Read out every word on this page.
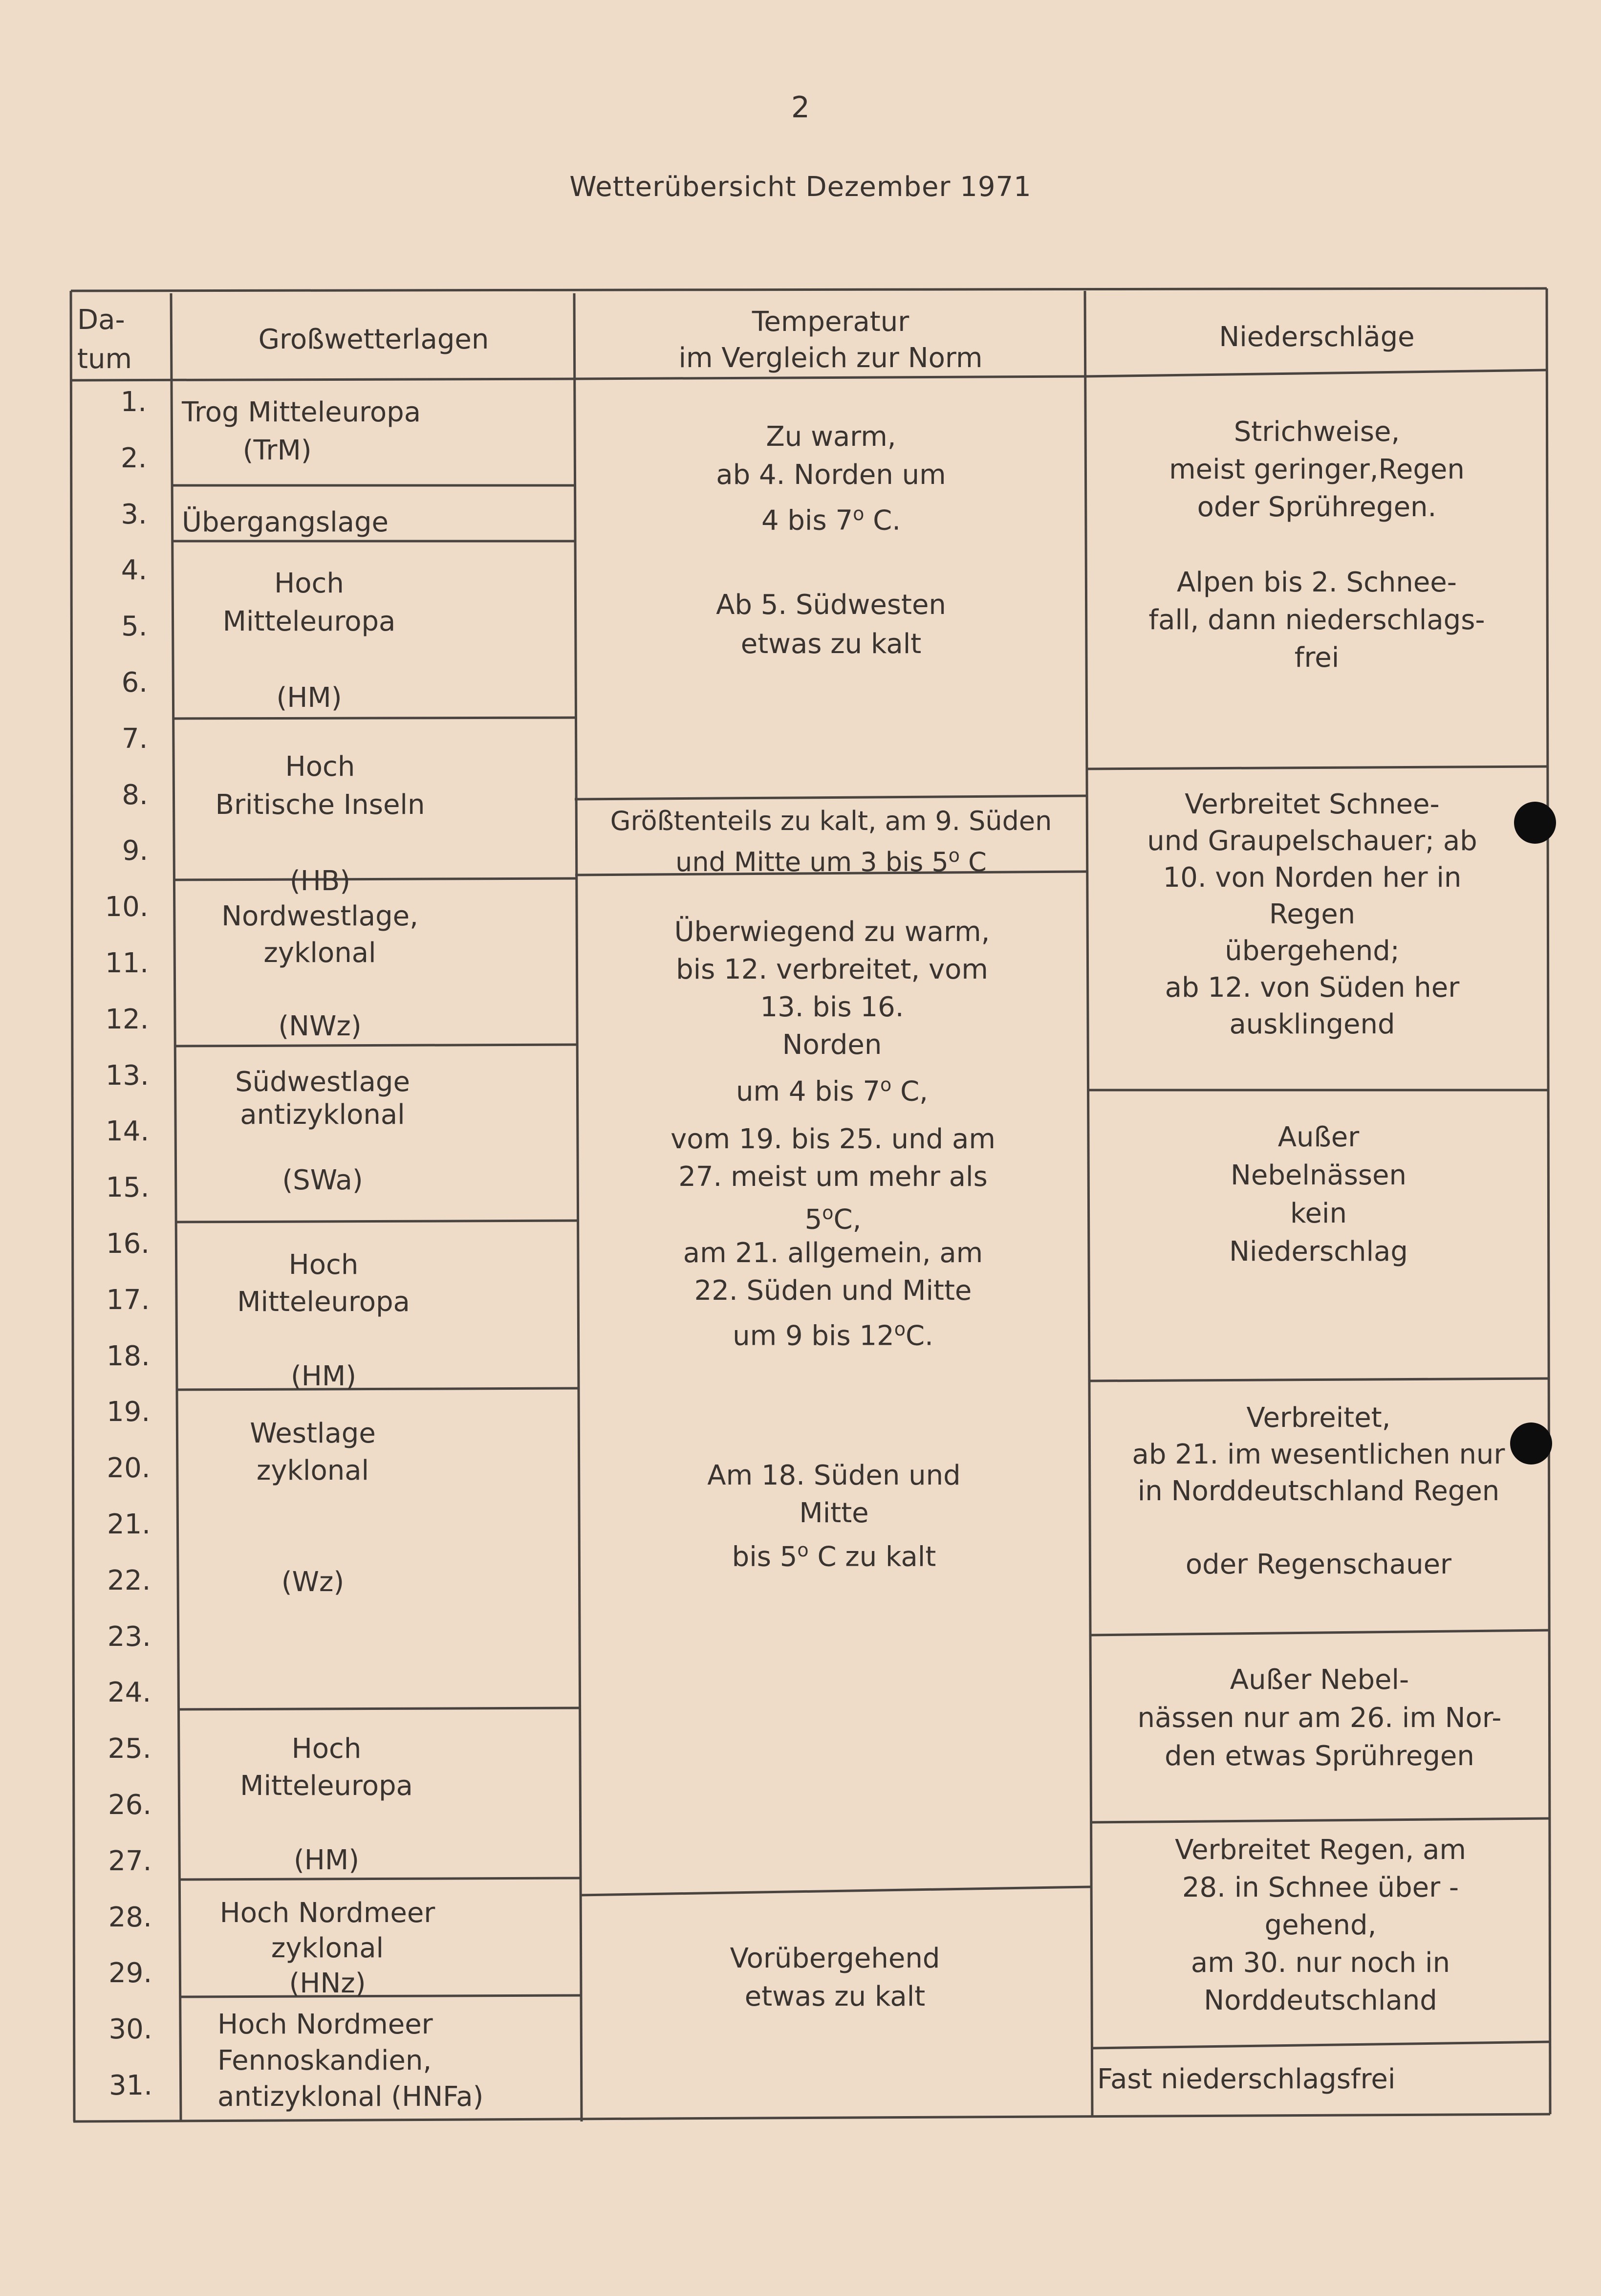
2
Wetterübersicht Dezember 1971
Da-
tum
Großwetterlagen
Temperatur
im Vergleich zur Norm
Niederschläge
1.
2.
3.
4.
5.
6.
7.
8.
9.
10.
11.
12.
13.
14.
15.
16.
17.
18.
19.
20.
21.
22.
23.
24.
25.
26.
27.
28.
29.
30.
31.
Trog Mitteleuropa
(TrM)
Übergangslage
Hoch
Mitteleuropa

(HM)
Hoch
Britische Inseln

(HB)
Nordwestlage,
zyklonal

(NWz)
Südwestlage
antizyklonal

(SWa)
Hoch
Mitteleuropa

(HM)
Westlage
zyklonal

(Wz)
Hoch
Mitteleuropa

(HM)
Hoch Nordmeer
zyklonal
(HNz)
Hoch Nordmeer
Fennoskandien,
antizyklonal (HNFa)
Zu warm,
ab 4. Norden um
4 bis 7$^o$ C.
Ab 5. Südwesten
etwas zu kalt
Größtenteils zu kalt, am 9. Süden
und Mitte um 3 bis 5$^o$ C
Überwiegend zu warm,
bis 12. verbreitet, vom
13. bis 16.
Norden
um 4 bis 7$^o$ C,
vom 19. bis 25. und am
27. meist um mehr als
5$^o$C,
am 21. allgemein, am
22. Süden und Mitte
um 9 bis 12$^o$C.
Am 18. Süden und
Mitte
bis 5$^o$ C zu kalt
Vorübergehend
etwas zu kalt
Strichweise,
meist geringer,Regen
oder Sprühregen.

Alpen bis 2. Schnee-
fall, dann niederschlags-
frei
Verbreitet Schnee-
und Graupelschauer; ab
10. von Norden her in
Regen
übergehend;
ab 12. von Süden her
ausklingend
Außer
Nebelnässen
kein
Niederschlag
Verbreitet,
ab 21. im wesentlichen nur
in Norddeutschland Regen

oder Regenschauer
Außer Nebel-
nässen nur am 26. im Nor-
den etwas Sprühregen
Verbreitet Regen, am
28. in Schnee über -
gehend,
am 30. nur noch in
Norddeutschland
Fast niederschlagsfrei
